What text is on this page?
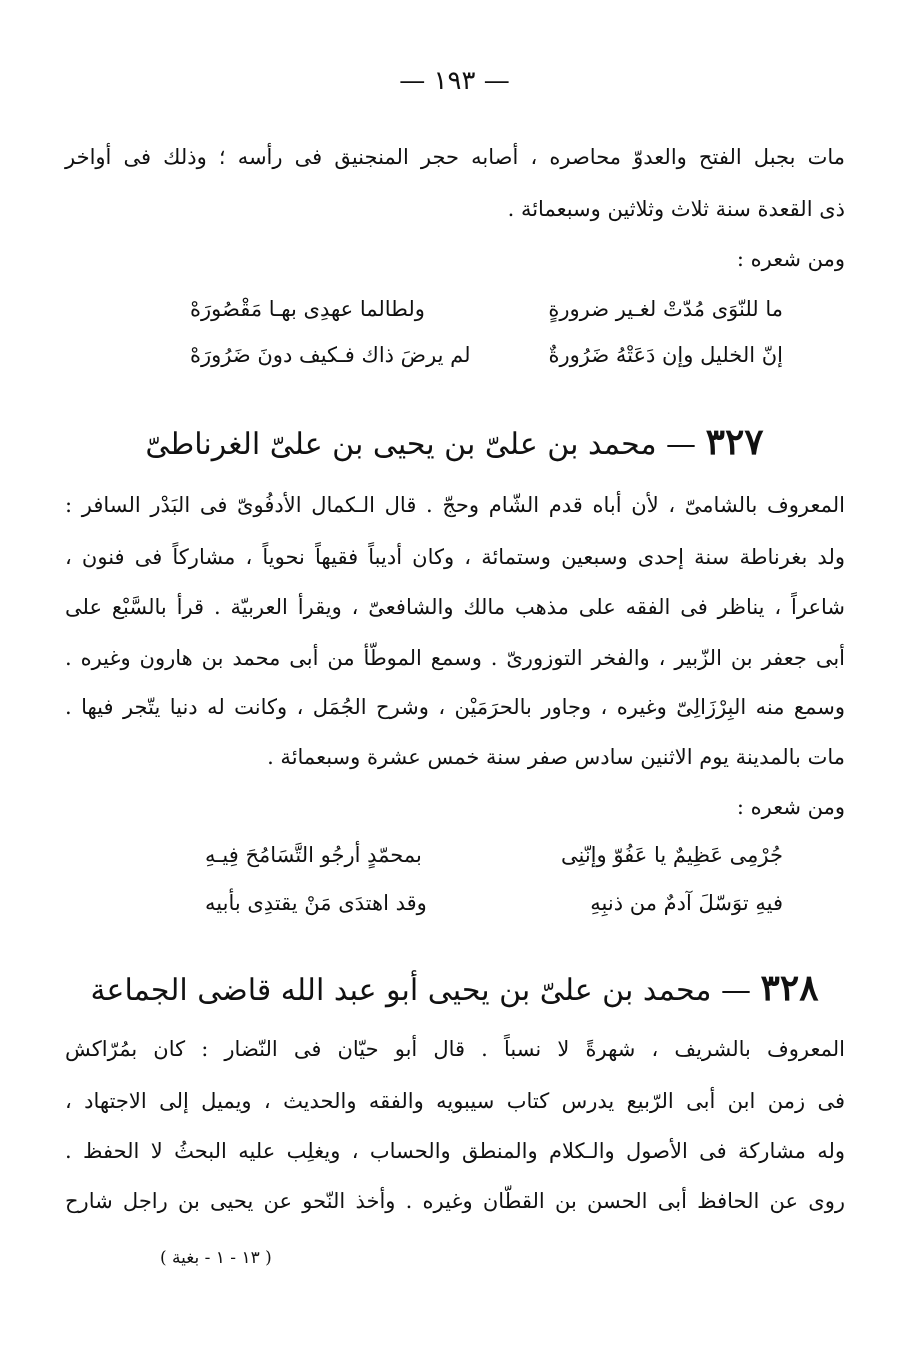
— ١٩٣ —
مات بجبل الفتح والعدوّ محاصره ، أصابه حجر المنجنيق فى رأسه ؛ وذلك فى أواخر
ذى القعدة سنة ثلاث وثلاثين وسبعمائة .
ومن شعره :
ما للنّوَى مُدّتْ لغـير ضرورةٍ
ولطالما عهدِى بهـا مَقْصُورَهْ
إنّ الخليل وإن دَعَتْهُ ضَرُورةٌ
لم يرضَ ذاك فـكيف دونَ ضَرُورَهْ
٣٢٧ — محمد بن علىّ بن يحيى بن علىّ الغرناطىّ
المعروف بالشامىّ ، لأن أباه قدم الشّام وحجّ . قال الـكمال الأدفُوىّ فى البَدْر السافر :
ولد بغرناطة سنة إحدى وسبعين وستمائة ، وكان أديباً فقيهاً نحوياً ، مشاركاً فى فنون ،
شاعراً ، يناظر فى الفقه على مذهب مالك والشافعىّ ، ويقرأ العربيّة . قرأ بالسَّبْع على
أبى جعفر بن الزّبير ، والفخر التوزورىّ . وسمع الموطّأ من أبى محمد بن هارون وغيره .
وسمع منه البِرْزَالِىّ وغيره ، وجاور بالحرَمَيْن ، وشرح الجُمَل ، وكانت له دنيا يتّجر فيها .
مات بالمدينة يوم الاثنين سادس صفر سنة خمس عشرة وسبعمائة .
ومن شعره :
جُرْمِى عَظِيمٌ يا عَفُوّ وإنّنِى
بمحمّدٍ أرجُو التَّسَامُحَ فِيـهِ
فيهِ توَسّلَ آدمٌ من ذنبِهِ
وقد اهتدَى مَنْ يقتدِى بأبيه
٣٢٨ — محمد بن علىّ بن يحيى أبو عبد الله قاضى الجماعة
المعروف بالشريف ، شهرةً لا نسباً . قال أبو حيّان فى النّضار : كان بمُرّاكش
فى زمن ابن أبى الرّبيع يدرس كتاب سيبويه والفقه والحديث ، ويميل إلى الاجتهاد ،
وله مشاركة فى الأصول والـكلام والمنطق والحساب ، ويغلِب عليه البحثُ لا الحفظ .
روى عن الحافظ أبى الحسن بن القطّان وغيره . وأخذ النّحو عن يحيى بن راجل شارح
( ١٣ - ١ - بغية )
